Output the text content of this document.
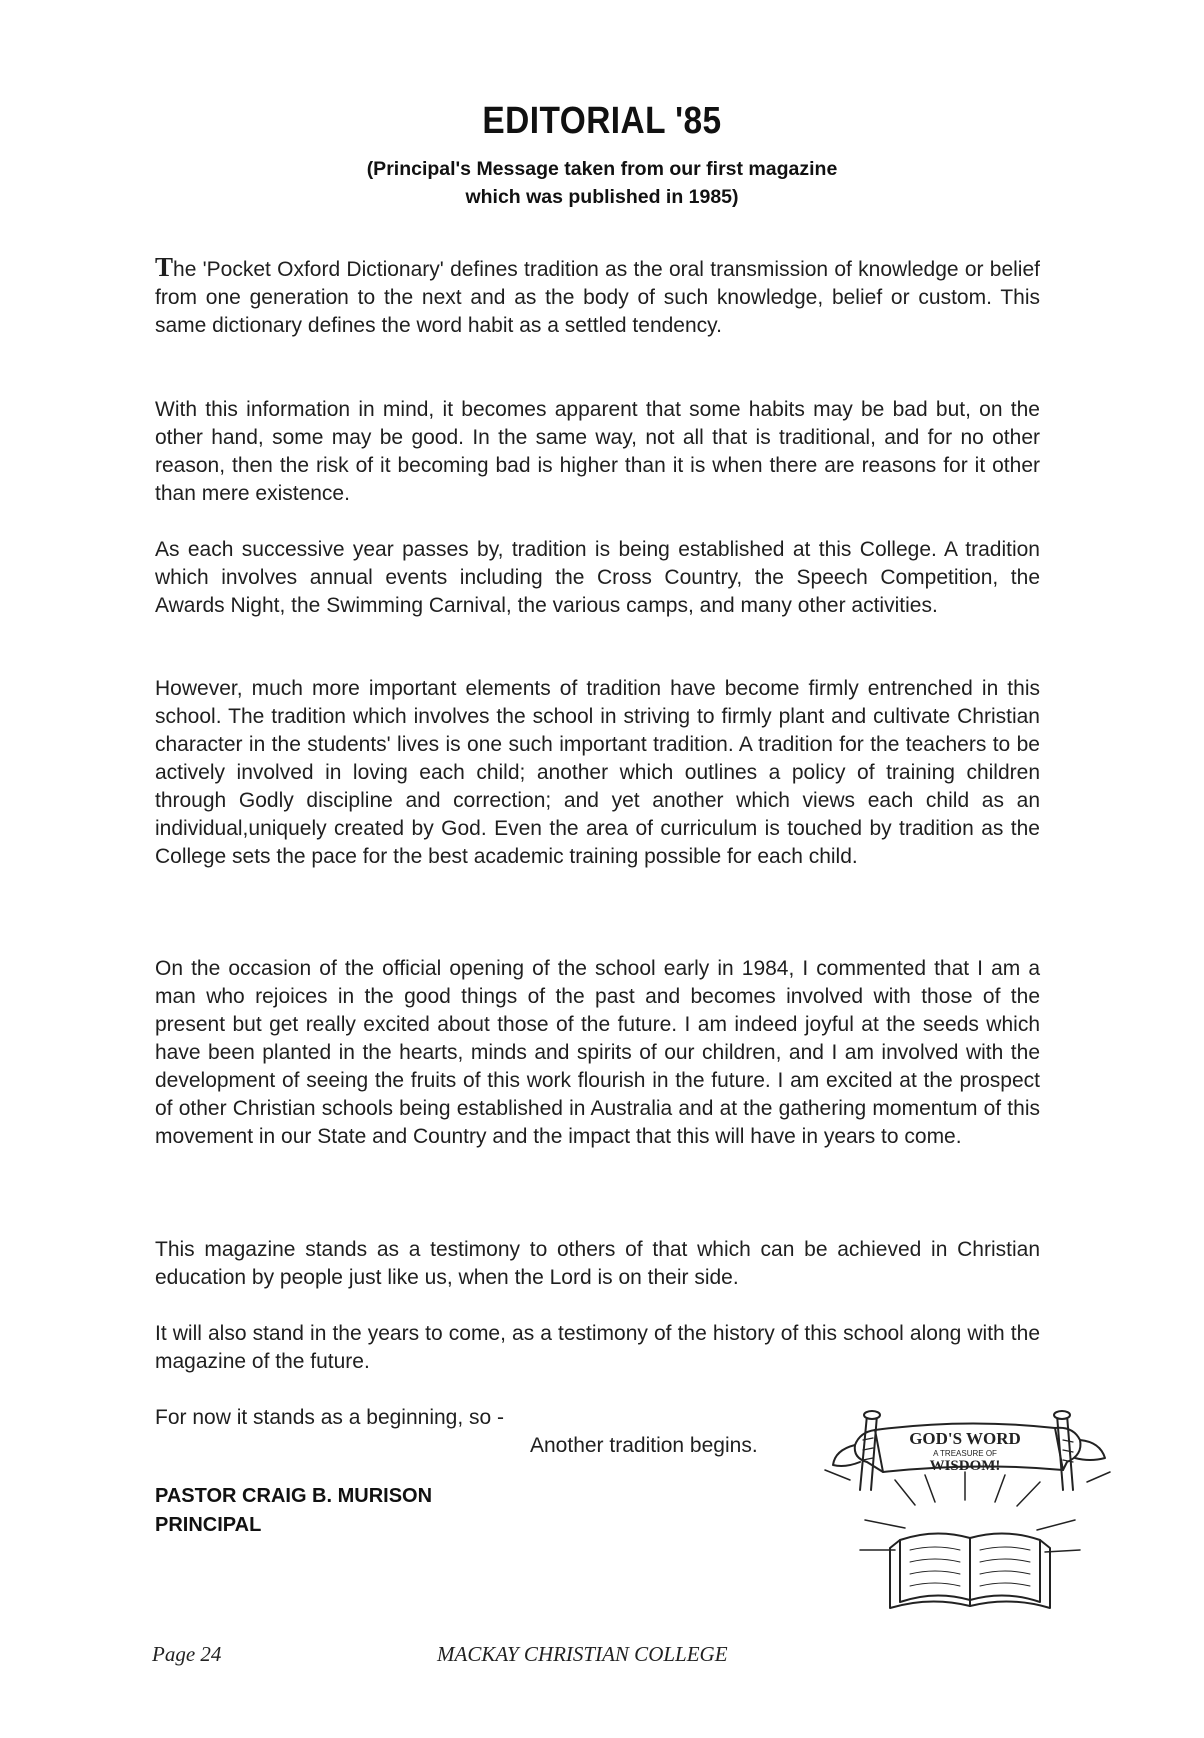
EDITORIAL '85
(Principal's Message taken from our first magazine
which was published in 1985)

The 'Pocket Oxford Dictionary' defines tradition as the oral transmission of knowledge or belief from one generation to the next and as the body of such knowledge, belief or custom. This same dictionary defines the word habit as a settled tendency.

With this information in mind, it becomes apparent that some habits may be bad but, on the other hand, some may be good. In the same way, not all that is traditional, and for no other reason, then the risk of it becoming bad is higher than it is when there are reasons for it other than mere existence.

As each successive year passes by, tradition is being established at this College. A tradition which involves annual events including the Cross Country, the Speech Competition, the Awards Night, the Swimming Carnival, the various camps, and many other activities.

However, much more important elements of tradition have become firmly entrenched in this school. The tradition which involves the school in striving to firmly plant and cultivate Christian character in the students' lives is one such important tradition. A tradition for the teachers to be actively involved in loving each child; another which outlines a policy of training children through Godly discipline and correction; and yet another which views each child as an individual,uniquely created by God. Even the area of curriculum is touched by tradition as the College sets the pace for the best academic training possible for each child.

On the occasion of the official opening of the school early in 1984, I commented that I am a man who rejoices in the good things of the past and becomes involved with those of the present but get really excited about those of the future. I am indeed joyful at the seeds which have been planted in the hearts, minds and spirits of our children, and I am involved with the development of seeing the fruits of this work flourish in the future. I am excited at the prospect of other Christian schools being established in Australia and at the gathering momentum of this movement in our State and Country and the impact that this will have in years to come.

This magazine stands as a testimony to others of that which can be achieved in Christian education by people just like us, when the Lord is on their side.

It will also stand in the years to come, as a testimony of the history of this school along with the magazine of the future.

For now it stands as a beginning, so -
Another tradition begins.
PASTOR CRAIG B. MURISON
PRINCIPAL
GOD'S WORD
A TREASURE OF
WISDOM!
Page 24	MACKAY CHRISTIAN COLLEGE
